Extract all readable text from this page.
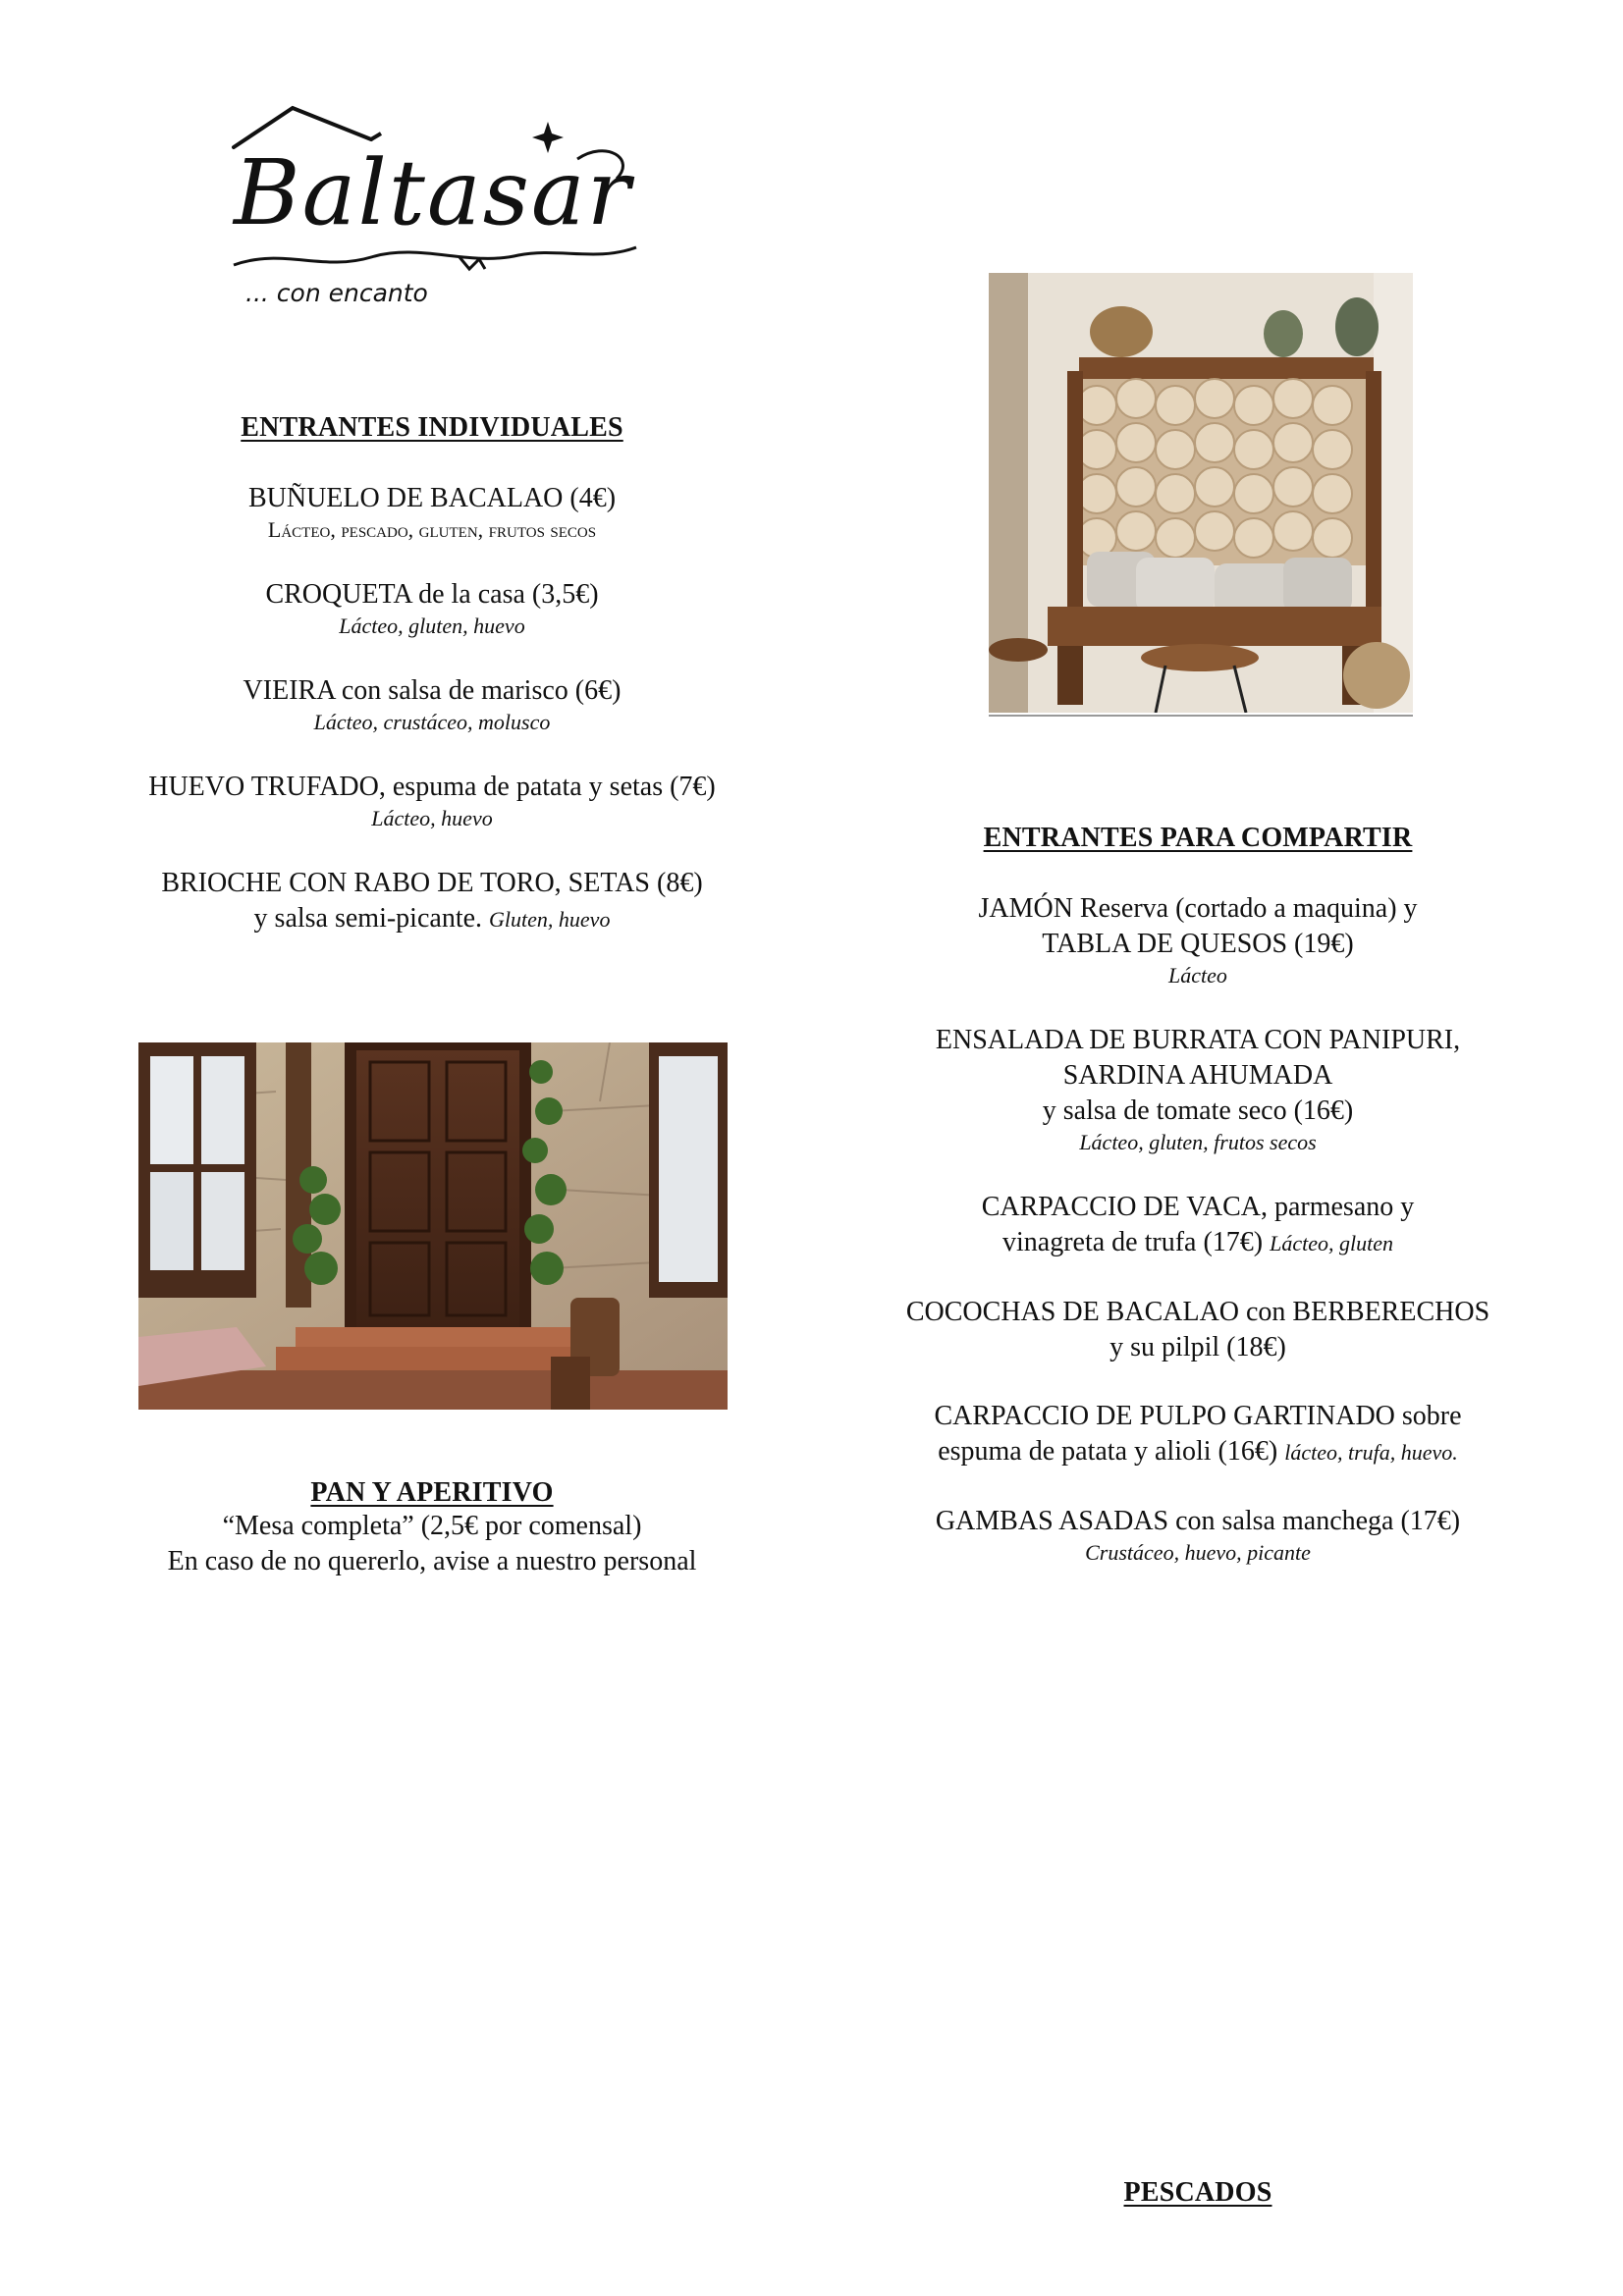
Baltasar
... con encanto
ENTRANTES INDIVIDUALES
BUÑUELO DE BACALAO (4€)
Lácteo, pescado, gluten, frutos secos
CROQUETA de la casa (3,5€)
Lácteo, gluten, huevo
VIEIRA con salsa de marisco (6€)
Lácteo, crustáceo, molusco
HUEVO TRUFADO, espuma de patata y setas (7€)
Lácteo, huevo
BRIOCHE CON RABO DE TORO, SETAS (8€)
y salsa semi-picante. Gluten, huevo
PAN Y APERITIVO
“Mesa completa” (2,5€ por comensal)
En caso de no quererlo, avise a nuestro personal
ENTRANTES PARA COMPARTIR
JAMÓN Reserva (cortado a maquina) y
TABLA DE QUESOS (19€)
Lácteo
ENSALADA DE BURRATA CON PANIPURI,
SARDINA AHUMADA
y salsa de tomate seco (16€)
Lácteo, gluten, frutos secos
CARPACCIO DE VACA, parmesano y
vinagreta de trufa (17€) Lácteo, gluten
COCOCHAS DE BACALAO con BERBERECHOS
y su pilpil (18€)
CARPACCIO DE PULPO GARTINADO sobre
espuma de patata y alioli (16€) lácteo, trufa, huevo.
GAMBAS ASADAS con salsa manchega (17€)
Crustáceo, huevo, picante
PESCADOS
